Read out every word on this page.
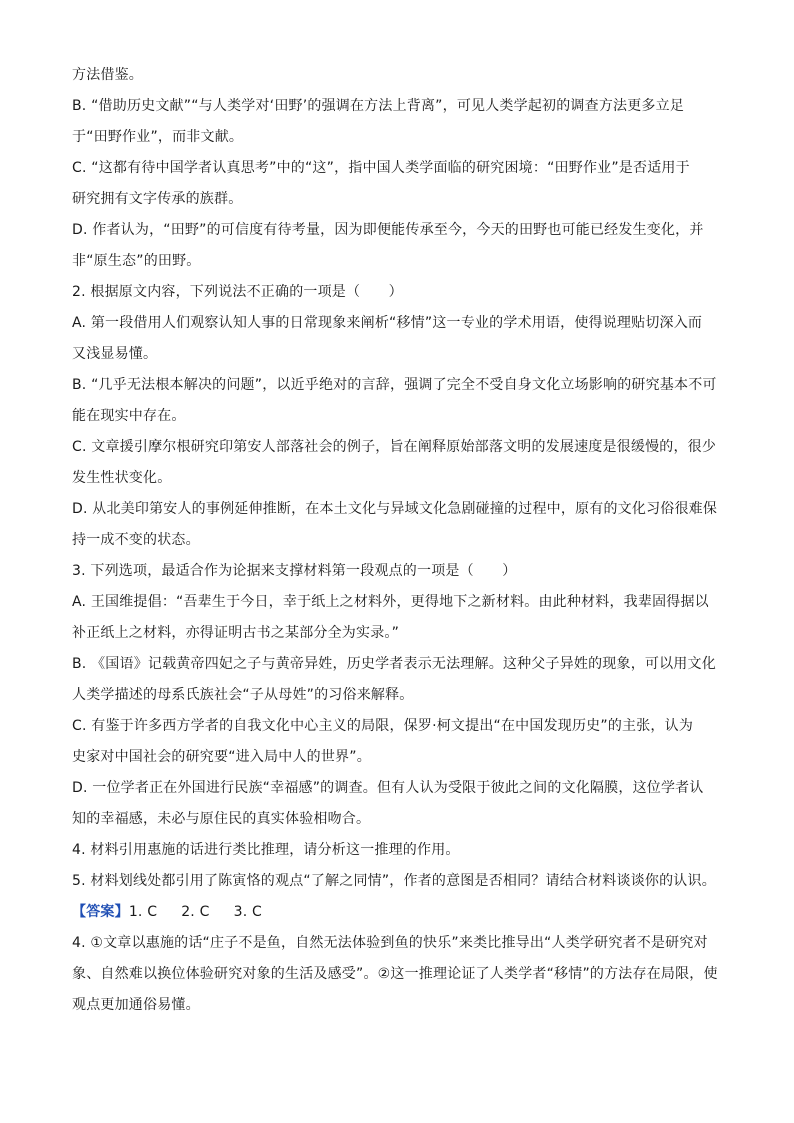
方法借鉴。
B. “借助历史文献”“与人类学对‘田野’的强调在方法上背离”，可见人类学起初的调查方法更多立足
于“田野作业”，而非文献。
C. “这都有待中国学者认真思考”中的“这”，指中国人类学面临的研究困境：“田野作业”是否适用于
研究拥有文字传承的族群。
D. 作者认为，“田野”的可信度有待考量，因为即便能传承至今，今天的田野也可能已经发生变化，并
非“原生态”的田野。
2. 根据原文内容，下列说法不正确的一项是（　　）
A. 第一段借用人们观察认知人事的日常现象来阐析“移情”这一专业的学术用语，使得说理贴切深入而
又浅显易懂。
B. “几乎无法根本解决的问题”，以近乎绝对的言辞，强调了完全不受自身文化立场影响的研究基本不可
能在现实中存在。
C. 文章援引摩尔根研究印第安人部落社会的例子，旨在阐释原始部落文明的发展速度是很缓慢的，很少
发生性状变化。
D. 从北美印第安人的事例延伸推断，在本土文化与异域文化急剧碰撞的过程中，原有的文化习俗很难保
持一成不变的状态。
3. 下列选项，最适合作为论据来支撑材料第一段观点的一项是（　　）
A. 王国维提倡：“吾辈生于今日，幸于纸上之材料外，更得地下之新材料。由此种材料，我辈固得据以
补正纸上之材料，亦得证明古书之某部分全为实录。”
B. 《国语》记载黄帝四妃之子与黄帝异姓，历史学者表示无法理解。这种父子异姓的现象，可以用文化
人类学描述的母系氏族社会“子从母姓”的习俗来解释。
C. 有鉴于许多西方学者的自我文化中心主义的局限，保罗·柯文提出“在中国发现历史”的主张，认为
史家对中国社会的研究要“进入局中人的世界”。
D. 一位学者正在外国进行民族“幸福感”的调查。但有人认为受限于彼此之间的文化隔膜，这位学者认
知的幸福感，未必与原住民的真实体验相吻合。
4. 材料引用惠施的话进行类比推理，请分析这一推理的作用。
5. 材料划线处都引用了陈寅恪的观点“了解之同情”，作者的意图是否相同？请结合材料谈谈你的认识。
【答案】1. C 2. C 3. C
4. ①文章以惠施的话“庄子不是鱼，自然无法体验到鱼的快乐”来类比推导出“人类学研究者不是研究对
象、自然难以换位体验研究对象的生活及感受”。②这一推理论证了人类学者“移情”的方法存在局限，使
观点更加通俗易懂。
